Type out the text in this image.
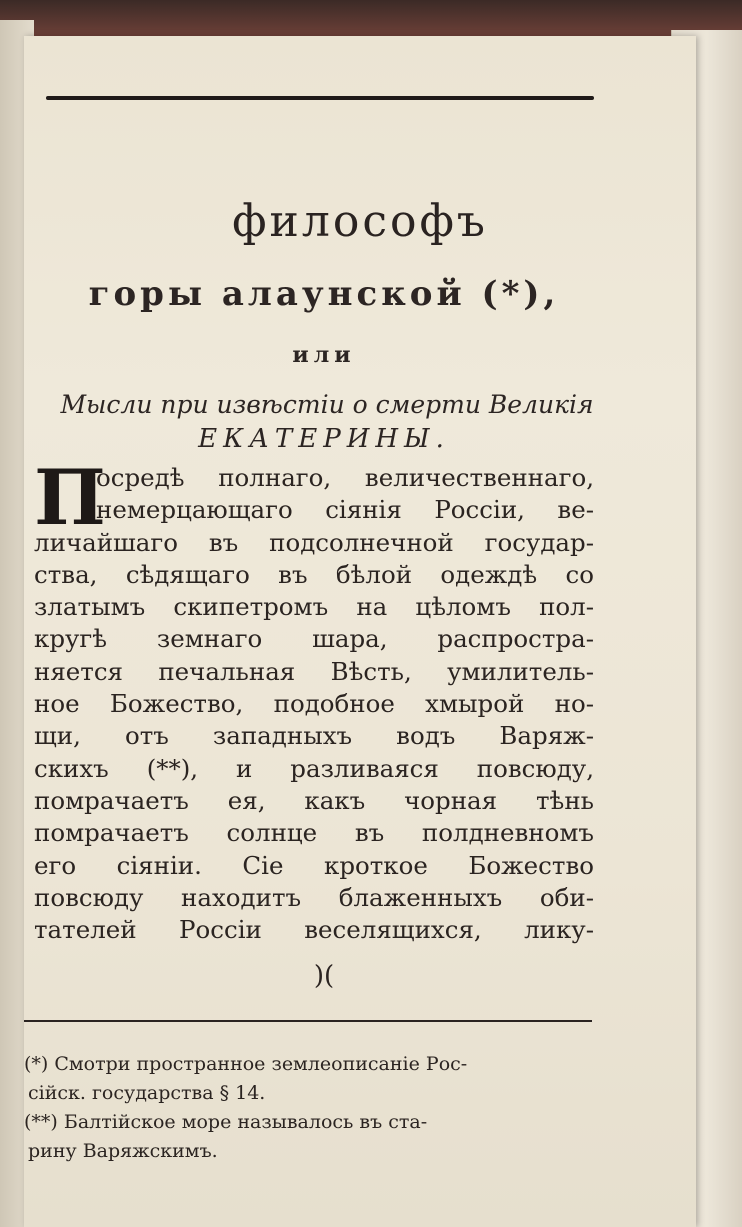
философъ
горы алаунской (*),
или
Мысли при извѣстіи о смерти Великія
ЕКАТЕРИНЫ.
П
осредѣ полнаго, величественнаго,
немерцающаго сіянія Россіи, ве-
личайшаго въ подсолнечной государ-
ства, сѣдящаго въ бѣлой одеждѣ со
златымъ скипетромъ на цѣломъ пол-
кругѣ земнаго шара, распростра-
няется печальная Вѣсть, умилитель-
ное Божество, подобное хмырой но-
щи, отъ западныхъ водъ Варяж-
скихъ (**), и разливаяся повсюду,
помрачаетъ ея, какъ чорная тѣнь
помрачаетъ солнце въ полдневномъ
его сіяніи. Сіе кроткое Божество
повсюду находитъ блаженныхъ оби-
тателей Россіи веселящихся, лику-
)(
(*) Смотри пространное землеописаніе Рос-
сійск. государства § 14.
(**) Балтійское море называлось въ ста-
рину Варяжскимъ.
